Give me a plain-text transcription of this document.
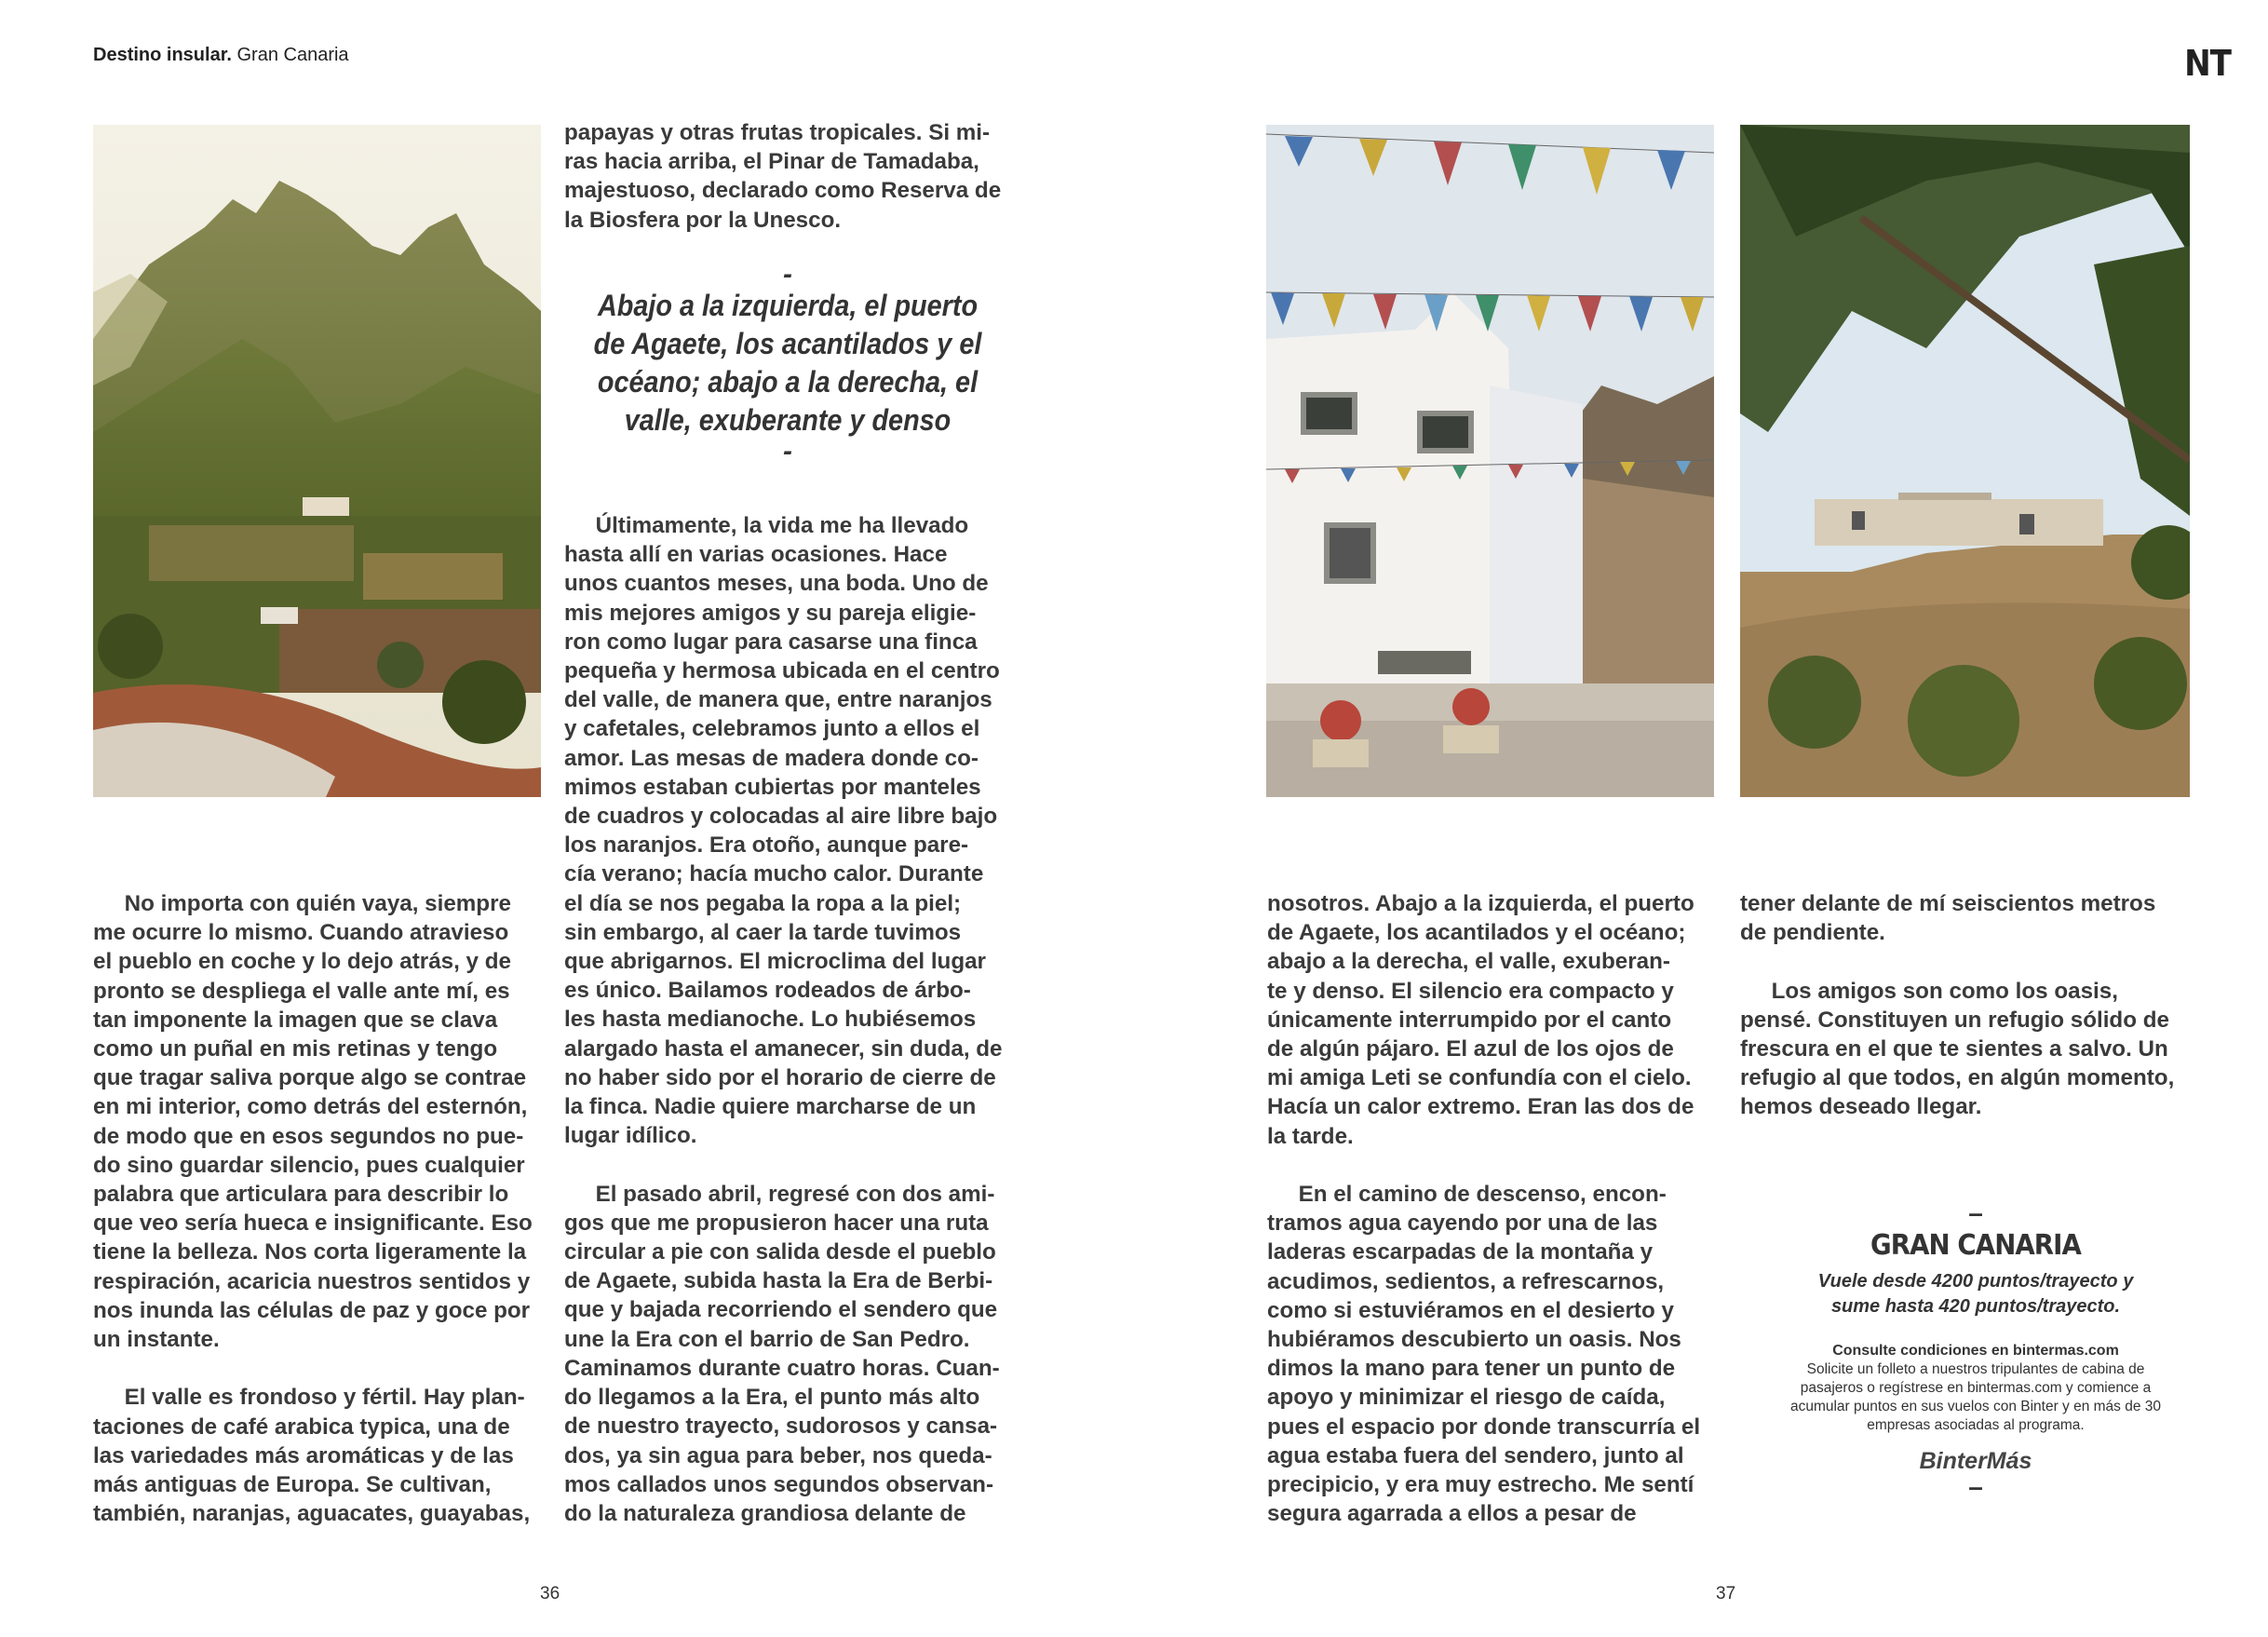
Destino insular. Gran Canaria	NT
No importa con quién vaya, siempre
me ocurre lo mismo. Cuando atravieso
el pueblo en coche y lo dejo atrás, y de
pronto se despliega el valle ante mí, es
tan imponente la imagen que se clava
como un puñal en mis retinas y tengo
que tragar saliva porque algo se contrae
en mi interior, como detrás del esternón,
de modo que en esos segundos no pue-
do sino guardar silencio, pues cualquier
palabra que articulara para describir lo
que veo sería hueca e insignificante. Eso
tiene la belleza. Nos corta ligeramente la
respiración, acaricia nuestros sentidos y
nos inunda las células de paz y goce por
un instante.

El valle es frondoso y fértil. Hay plan-
taciones de café arabica typica, una de
las variedades más aromáticas y de las
más antiguas de Europa. Se cultivan,
también, naranjas, aguacates, guayabas,
papayas y otras frutas tropicales. Si mi-
ras hacia arriba, el Pinar de Tamadaba,
majestuoso, declarado como Reserva de
la Biosfera por la Unesco.
-
Abajo a la izquierda, el puerto de Agaete, los acantilados y el océano; abajo a la derecha, el valle, exuberante y denso
-
Últimamente, la vida me ha llevado
hasta allí en varias ocasiones. Hace
unos cuantos meses, una boda. Uno de
mis mejores amigos y su pareja eligie-
ron como lugar para casarse una finca
pequeña y hermosa ubicada en el centro
del valle, de manera que, entre naranjos
y cafetales, celebramos junto a ellos el
amor. Las mesas de madera donde co-
mimos estaban cubiertas por manteles
de cuadros y colocadas al aire libre bajo
los naranjos. Era otoño, aunque pare-
cía verano; hacía mucho calor. Durante
el día se nos pegaba la ropa a la piel;
sin embargo, al caer la tarde tuvimos
que abrigarnos. El microclima del lugar
es único. Bailamos rodeados de árbo-
les hasta medianoche. Lo hubiésemos
alargado hasta el amanecer, sin duda, de
no haber sido por el horario de cierre de
la finca. Nadie quiere marcharse de un
lugar idílico.

El pasado abril, regresé con dos ami-
gos que me propusieron hacer una ruta
circular a pie con salida desde el pueblo
de Agaete, subida hasta la Era de Berbi-
que y bajada recorriendo el sendero que
une la Era con el barrio de San Pedro.
Caminamos durante cuatro horas. Cuan-
do llegamos a la Era, el punto más alto
de nuestro trayecto, sudorosos y cansa-
dos, ya sin agua para beber, nos queda-
mos callados unos segundos observan-
do la naturaleza grandiosa delante de
nosotros. Abajo a la izquierda, el puerto
de Agaete, los acantilados y el océano;
abajo a la derecha, el valle, exuberan-
te y denso. El silencio era compacto y
únicamente interrumpido por el canto
de algún pájaro. El azul de los ojos de
mi amiga Leti se confundía con el cielo.
Hacía un calor extremo. Eran las dos de
la tarde.

En el camino de descenso, encon-
tramos agua cayendo por una de las
laderas escarpadas de la montaña y
acudimos, sedientos, a refrescarnos,
como si estuviéramos en el desierto y
hubiéramos descubierto un oasis. Nos
dimos la mano para tener un punto de
apoyo y minimizar el riesgo de caída,
pues el espacio por donde transcurría el
agua estaba fuera del sendero, junto al
precipicio, y era muy estrecho. Me sentí
segura agarrada a ellos a pesar de
tener delante de mí seiscientos metros
de pendiente.

Los amigos son como los oasis,
pensé. Constituyen un refugio sólido de
frescura en el que te sientes a salvo. Un
refugio al que todos, en algún momento,
hemos deseado llegar.
–
GRAN CANARIA
Vuele desde 4200 puntos/trayecto y
sume hasta 420 puntos/trayecto.
Consulte condiciones en bintermas.com
Solicite un folleto a nuestros tripulantes de cabina de
pasajeros o regístrese en bintermas.com y comience a
acumular puntos en sus vuelos con Binter y en más de 30
empresas asociadas al programa.
BinterMás
–
36	37
